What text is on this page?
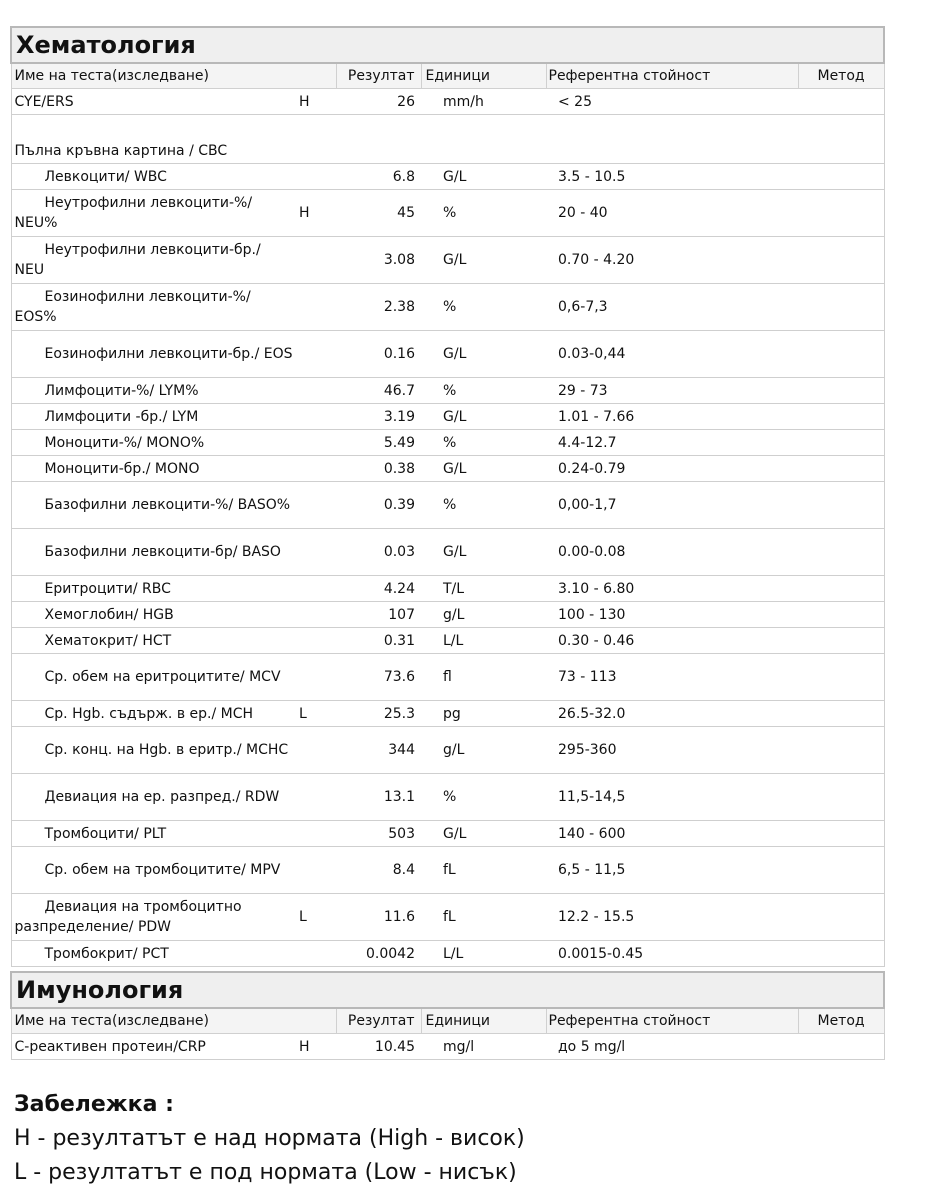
Хематология					
Име на теста(изследване)		Резултат	Единици	Референтна стойност	Метод
CYE/ERS	H	26	mm/h	< 25	
Пълна кръвна картина / CBC					
Левкоцити/ WBC		6.8	G/L	3.5 - 10.5	
Неутрофилни левкоцити-%/ NEU%	H	45	%	20 - 40	
Неутрофилни левкоцити-бр./ NEU		3.08	G/L	0.70 - 4.20	
Еозинофилни левкоцити-%/ EOS%		2.38	%	0,6-7,3	
Еозинофилни левкоцити-бр./ EOS		0.16	G/L	0.03-0,44	
Лимфоцити-%/ LYM%		46.7	%	29 - 73	
Лимфоцити -бр./ LYM		3.19	G/L	1.01 - 7.66	
Моноцити-%/ MONO%		5.49	%	4.4-12.7	
Моноцити-бр./ MONO		0.38	G/L	0.24-0.79	
Базофилни левкоцити-%/ BASO%		0.39	%	0,00-1,7	
Базофилни левкоцити-бр/ BASO		0.03	G/L	0.00-0.08	
Еритроцити/ RBC		4.24	T/L	3.10 - 6.80	
Хемоглобин/ HGB		107	g/L	100 - 130	
Хематокрит/ HCT		0.31	L/L	0.30 - 0.46	
Ср. обем на еритроцитите/ MCV		73.6	fl	73 - 113	
Ср. Hgb. съдърж. в ер./ MCH	L	25.3	pg	26.5-32.0	
Ср. конц. на Hgb. в еритр./ MCHC		344	g/L	295-360	
Девиация на ер. разпред./ RDW		13.1	%	11,5-14,5	
Тромбоцити/ PLT		503	G/L	140 - 600	
Ср. обем на тромбоцитите/ MPV		8.4	fL	6,5 - 11,5	
Девиация на тромбоцитно разпределение/ PDW	L	11.6	fL	12.2 - 15.5	
Тромбокрит/ PCT		0.0042	L/L	0.0015-0.45	
Имунология					
Име на теста(изследване)		Резултат	Единици	Референтна стойност	Метод
С-реактивен протеин/CRP	H	10.45	mg/l	до 5 mg/l	
Забележка :
H - резултатът е над нормата (High - висок)
L - резултатът е под нормата (Low - нисък)
